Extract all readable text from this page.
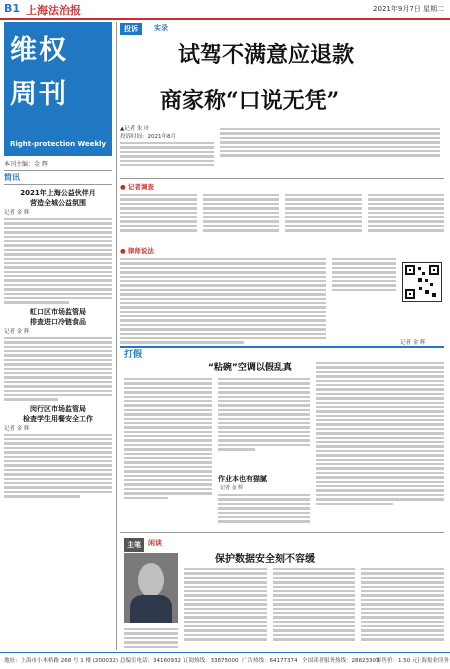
B1 上海法治报	2021年9月7日 星期二
维权
周刊
Right-protection Weekly
本刊主编：金 辉
简讯
2021年上海公益伙伴月
营造全城公益氛围
记者 金 辉
虹口区市场监管局
排查进口冷链食品
记者 金 辉
闵行区市场监管局
检查学生用餐安全工作
记者 金 辉
投诉	实录
试驾不满意应退款
商家称“口说无凭”
▲记者 朱 叶
投诉时间：2021年8月
● 记者调查
● 律师说法
记者 金 辉
打假
“粘碗”空调以假乱真
作业本也有猫腻
记者 金 辉
主笔	闲谈
保护数据安全刻不容缓
地址：上海市小木桥路 268 号 1 楼 (200032) 总编室电话：34160932 订阅热线：33875000 广告热线：64177374 全国读者服务热线：28823303
零售价：1.50 元
上海报业印务
